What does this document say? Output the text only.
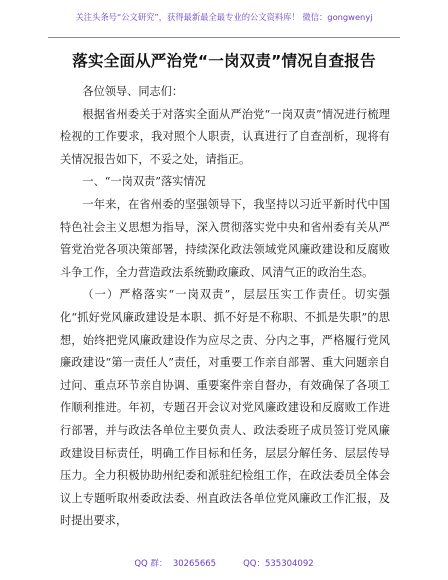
关注头条号“公文研究”，获得最新最全最专业的公文资料库！ 微信：gongwenyj
落实全面从严治党“一岗双责”情况自查报告

各位领导、同志们：

根据省州委关于对落实全面从严治党“一岗双责”情况进行梳理检视的工作要求，我对照个人职责，认真进行了自查剖析，现将有关情况报告如下，不妥之处，请指正。

一、“一岗双责”落实情况

一年来，在省州委的坚强领导下，我坚持以习近平新时代中国特色社会主义思想为指导，深入贯彻落实党中央和省州委有关从严管党治党各项决策部署，持续深化政法领域党风廉政建设和反腐败斗争工作，全力营造政法系统勤政廉政、风清气正的政治生态。

（一）严格落实“一岗双责”，层层压实工作责任。切实强化“抓好党风廉政建设是本职、抓不好是不称职、不抓是失职”的思想，始终把党风廉政建设作为应尽之责、分内之事，严格履行党风廉政建设“第一责任人”责任，对重要工作亲自部署、重大问题亲自过问、重点环节亲自协调、重要案件亲自督办，有效确保了各项工作顺利推进。年初，专题召开会议对党风廉政建设和反腐败工作进行部署，并与政法各单位主要负责人、政法委班子成员签订党风廉政建设目标责任，明确工作目标和任务，层层分解任务、层层传导压力。全力积极协助州纪委和派驻纪检组工作，在政法委员全体会议上专题听取州委政法委、州直政法各单位党风廉政工作汇报，及时提出要求，

QQ 群：  30265665          QQ：535304092
